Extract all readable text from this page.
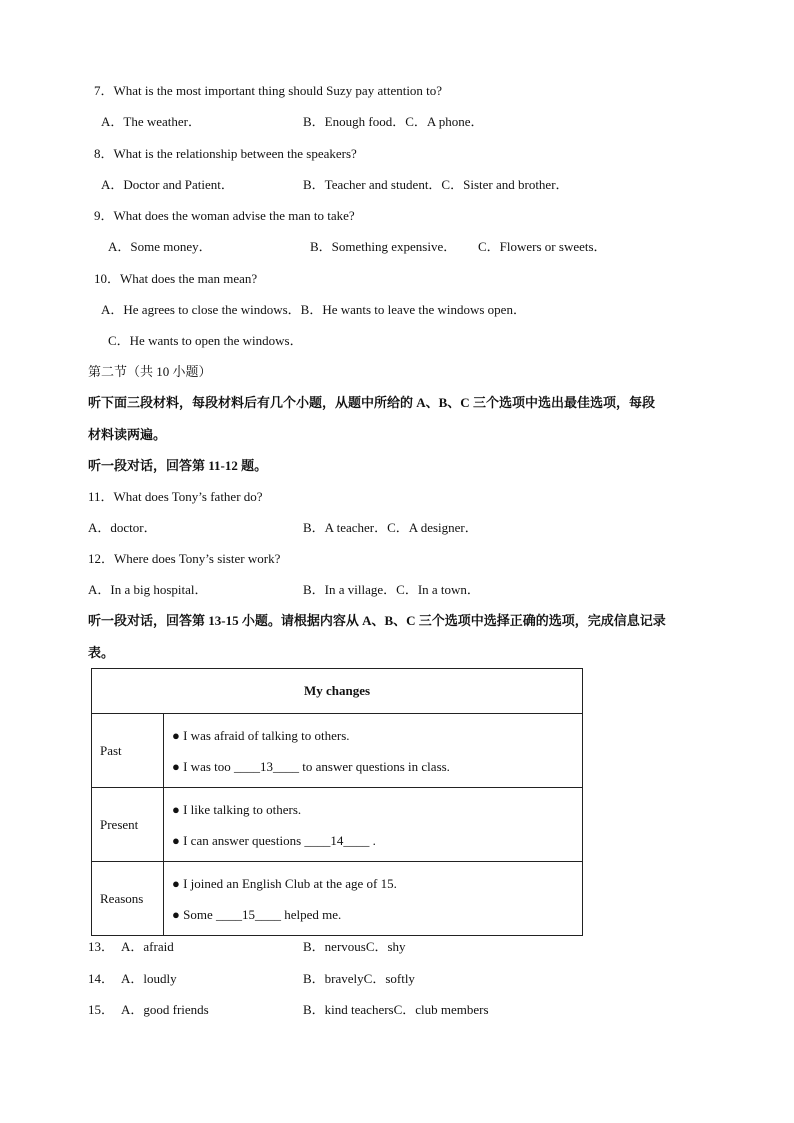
7．What is the most important thing should Suzy pay attention to?
A．The weather．	B．Enough food．C．A phone．
8．What is the relationship between the speakers?
A．Doctor and Patient．	B．Teacher and student．C．Sister and brother．
9．What does the woman advise the man to take?
A．Some money．	B．Something expensive． C．Flowers or sweets．
10．What does the man mean?
A．He agrees to close the windows．B．He wants to leave the windows open．
C．He wants to open the windows．
第二节（共 10 小题）
听下面三段材料，每段材料后有几个小题，从题中所给的 A、B、C 三个选项中选出最佳选项，每段
材料读两遍。
听一段对话，回答第 11-12 题。
11．What does Tony’s father do?
A．doctor．	B．A teacher．C．A designer．
12．Where does Tony’s sister work?
A．In a big hospital．	B．In a village．C．In a town．
听一段对话，回答第 13-15 小题。请根据内容从 A、B、C 三个选项中选择正确的选项，完成信息记录
表。
My changes	
Past	● I was afraid of talking to others.
● I was too ____13____ to answer questions in class.

Present	● I like talking to others.
● I can answer questions ____14____ .

Reasons	● I joined an English Club at the age of 15.
● Some ____15____ helped me.
13． A．afraid	B．nervousC．shy
14． A．loudly	B．bravelyC．softly
15． A．good friends	B．kind teachersC．club members
